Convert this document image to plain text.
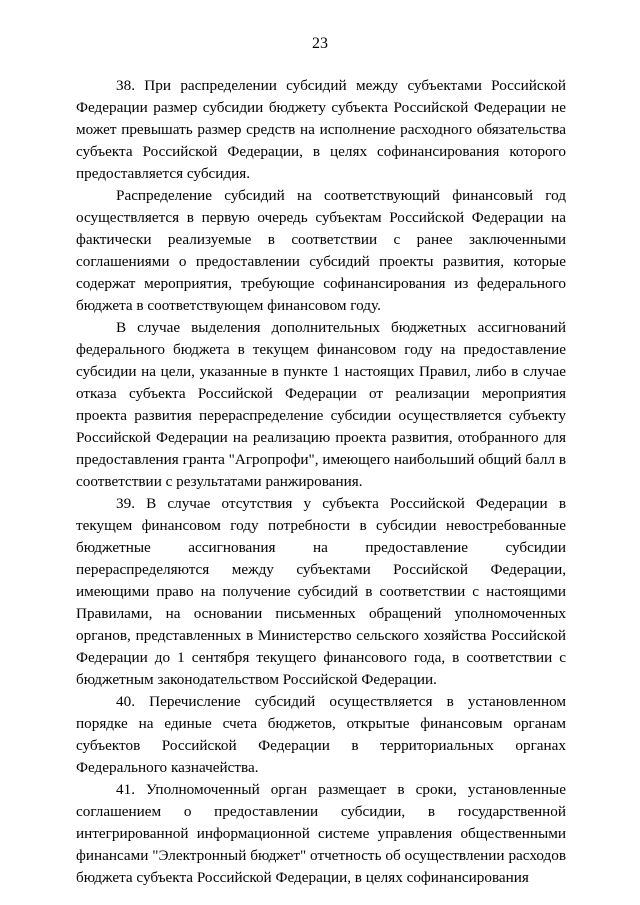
23

38. При распределении субсидий между субъектами Российской Федерации размер субсидии бюджету субъекта Российской Федерации не может превышать размер средств на исполнение расходного обязательства субъекта Российской Федерации, в целях софинансирования которого предоставляется субсидия.

Распределение субсидий на соответствующий финансовый год осуществляется в первую очередь субъектам Российской Федерации на фактически реализуемые в соответствии с ранее заключенными соглашениями о предоставлении субсидий проекты развития, которые содержат мероприятия, требующие софинансирования из федерального бюджета в соответствующем финансовом году.

В случае выделения дополнительных бюджетных ассигнований федерального бюджета в текущем финансовом году на предоставление субсидии на цели, указанные в пункте 1 настоящих Правил, либо в случае отказа субъекта Российской Федерации от реализации мероприятия проекта развития перераспределение субсидии осуществляется субъекту Российской Федерации на реализацию проекта развития, отобранного для предоставления гранта "Агропрофи", имеющего наибольший общий балл в соответствии с результатами ранжирования.

39. В случае отсутствия у субъекта Российской Федерации в текущем финансовом году потребности в субсидии невостребованные бюджетные ассигнования на предоставление субсидии перераспределяются между субъектами Российской Федерации, имеющими право на получение субсидий в соответствии с настоящими Правилами, на основании письменных обращений уполномоченных органов, представленных в Министерство сельского хозяйства Российской Федерации до 1 сентября текущего финансового года, в соответствии с бюджетным законодательством Российской Федерации.

40. Перечисление субсидий осуществляется в установленном порядке на единые счета бюджетов, открытые финансовым органам субъектов Российской Федерации в территориальных органах Федерального казначейства.

41. Уполномоченный орган размещает в сроки, установленные соглашением о предоставлении субсидии, в государственной интегрированной информационной системе управления общественными финансами "Электронный бюджет" отчетность об осуществлении расходов бюджета субъекта Российской Федерации, в целях софинансирования
